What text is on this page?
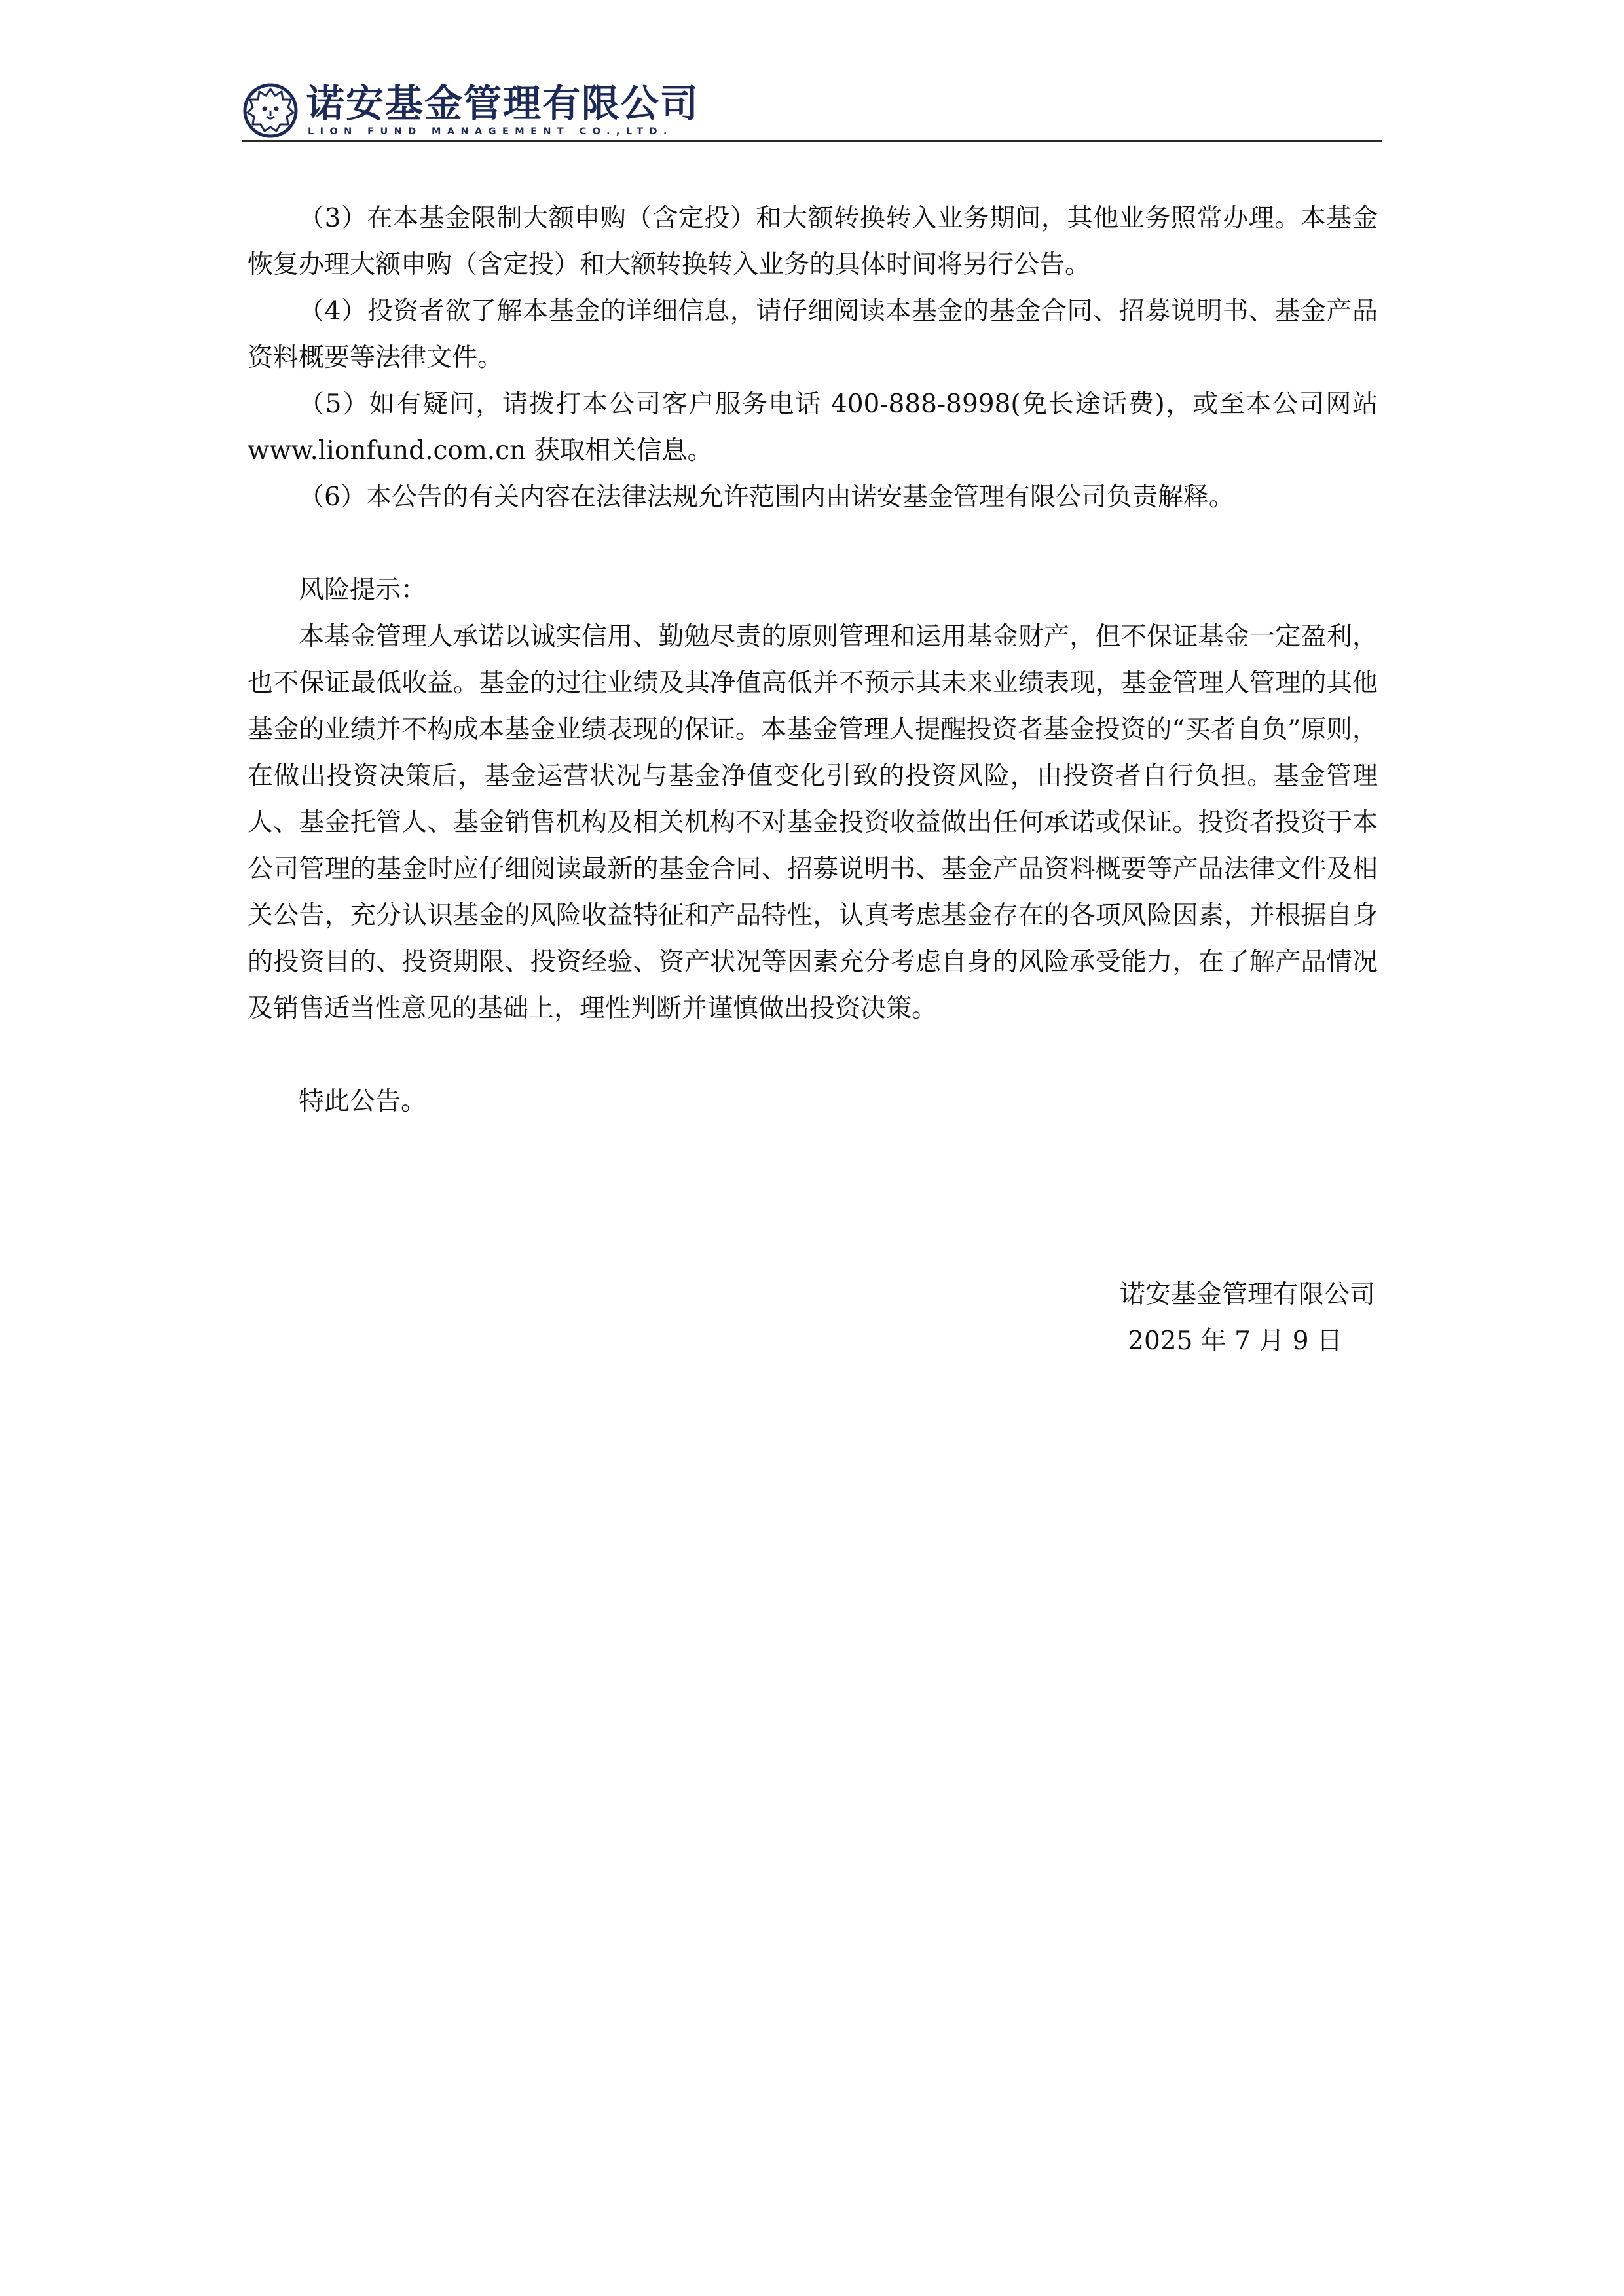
诺安基金管理有限公司
LION FUND MANAGEMENT CO.,LTD.

（3）在本基金限制大额申购（含定投）和大额转换转入业务期间，其他业务照常办理。本基金恢复办理大额申购（含定投）和大额转换转入业务的具体时间将另行公告。

（4）投资者欲了解本基金的详细信息，请仔细阅读本基金的基金合同、招募说明书、基金产品资料概要等法律文件。

（5）如有疑问，请拨打本公司客户服务电话 400-888-8998(免长途话费)，或至本公司网站 www.lionfund.com.cn 获取相关信息。

（6）本公告的有关内容在法律法规允许范围内由诺安基金管理有限公司负责解释。

风险提示：

本基金管理人承诺以诚实信用、勤勉尽责的原则管理和运用基金财产，但不保证基金一定盈利，也不保证最低收益。基金的过往业绩及其净值高低并不预示其未来业绩表现，基金管理人管理的其他基金的业绩并不构成本基金业绩表现的保证。本基金管理人提醒投资者基金投资的“买者自负”原则，在做出投资决策后，基金运营状况与基金净值变化引致的投资风险，由投资者自行负担。基金管理人、基金托管人、基金销售机构及相关机构不对基金投资收益做出任何承诺或保证。投资者投资于本公司管理的基金时应仔细阅读最新的基金合同、招募说明书、基金产品资料概要等产品法律文件及相关公告，充分认识基金的风险收益特征和产品特性，认真考虑基金存在的各项风险因素，并根据自身的投资目的、投资期限、投资经验、资产状况等因素充分考虑自身的风险承受能力，在了解产品情况及销售适当性意见的基础上，理性判断并谨慎做出投资决策。

特此公告。

诺安基金管理有限公司
2025 年 7 月 9 日
